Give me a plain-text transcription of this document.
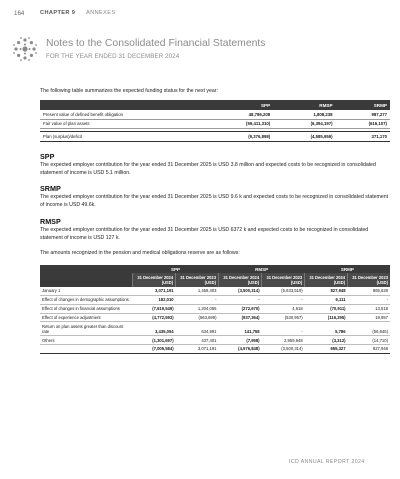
164	CHAPTER 9 ANNEXES
Notes to the Consolidated Financial Statements
FOR THE YEAR ENDED 31 DECEMBER 2024
The following table summarizes the expected funding status for the next year:
	SPP	RMSP	SRMP
Present value of defined benefit obligation	48,786,208	1,808,238	987,277
Fair value of plan assets	(59,411,310)	(6,394,197)	(616,107)

Plan (surplus)/deficit	(9,376,898)	(4,585,959)	371,170
SPP
The expected employer contribution for the year ended 31 December 2025 is USD 3.8 million and expected costs to be recognized in consolidated statement of income is USD 5.1 million.
SRMP
The expected employer contribution for the year ended 31 December 2025 is USD 9.6 k and expected costs to be recognized in consolidated statement of income is USD 49.6k.
RMSP
The expected employer contribution for the year ended 31 December 2025 is USD 6372 k and expected costs to be recognized in consolidated statement of income is USD 127 k.
The amounts recognized in the pension and medical obligations reserve are as follows:
	SPP		RMSP		SRMP	
	31 December 2024 (USD)	31 December 2023 (USD)	31 December 2024 (USD)	31 December 2023 (USD)	31 December 2024 (USD)	31 December 2023 (USD)
January 1	3,071,191	1,459,403	(3,500,314)	(5,633,519)	827,948	865,628
Effect of changes in demographic assumptions	182,010	-	-	-	6,111	-
Effect of changes in financial assumptions	(7,619,549)	1,204,055	(272,670)	4,618	(70,911)	13,518
Effect of experience adjustment	(4,772,593)	(663,699)	(937,364)	(530,957)	(116,295)	19,957
Return on plan assets greater than discount rate	3,435,054	634,991	141,758	-	5,786	(56,645)
Others	(1,301,697)	437,401	(7,958)	2,959,648	(3,312)	(14,710)
	(7,005,584)	3,071,191	(4,576,848)	(3,500,314)	655,327	827,948
ICD ANNUAL REPORT 2024
